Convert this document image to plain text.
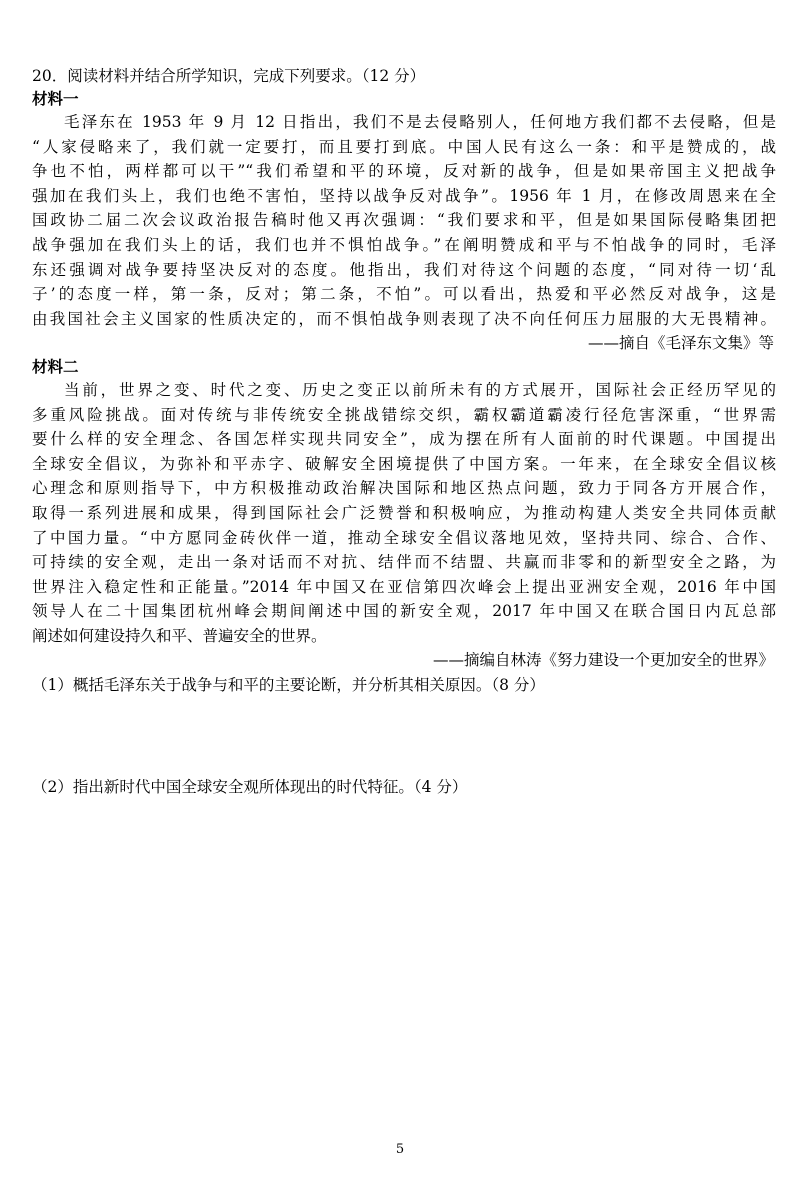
20．阅读材料并结合所学知识，完成下列要求。（12 分）

材料一

毛泽东在 1953 年 9 月 12 日指出，我们不是去侵略别人，任何地方我们都不去侵略，但是
“人家侵略来了，我们就一定要打，而且要打到底。中国人民有这么一条：和平是赞成的，战
争也不怕，两样都可以干”“我们希望和平的环境，反对新的战争，但是如果帝国主义把战争
强加在我们头上，我们也绝不害怕，坚持以战争反对战争”。1956 年 1 月，在修改周恩来在全
国政协二届二次会议政治报告稿时他又再次强调：“我们要求和平，但是如果国际侵略集团把
战争强加在我们头上的话，我们也并不惧怕战争。”在阐明赞成和平与不怕战争的同时，毛泽
东还强调对战争要持坚决反对的态度。他指出，我们对待这个问题的态度，“同对待一切‘乱
子’的态度一样，第一条，反对；第二条，不怕”。可以看出，热爱和平必然反对战争，这是
由我国社会主义国家的性质决定的，而不惧怕战争则表现了决不向任何压力屈服的大无畏精神。
——摘自《毛泽东文集》等

材料二

当前，世界之变、时代之变、历史之变正以前所未有的方式展开，国际社会正经历罕见的
多重风险挑战。面对传统与非传统安全挑战错综交织，霸权霸道霸凌行径危害深重，“世界需
要什么样的安全理念、各国怎样实现共同安全”，成为摆在所有人面前的时代课题。中国提出
全球安全倡议，为弥补和平赤字、破解安全困境提供了中国方案。一年来，在全球安全倡议核
心理念和原则指导下，中方积极推动政治解决国际和地区热点问题，致力于同各方开展合作，
取得一系列进展和成果，得到国际社会广泛赞誉和积极响应，为推动构建人类安全共同体贡献
了中国力量。“中方愿同金砖伙伴一道，推动全球安全倡议落地见效，坚持共同、综合、合作、
可持续的安全观，走出一条对话而不对抗、结伴而不结盟、共赢而非零和的新型安全之路，为
世界注入稳定性和正能量。”2014 年中国又在亚信第四次峰会上提出亚洲安全观，2016 年中国
领导人在二十国集团杭州峰会期间阐述中国的新安全观，2017 年中国又在联合国日内瓦总部
阐述如何建设持久和平、普遍安全的世界。
——摘编自林涛《努力建设一个更加安全的世界》

（1）概括毛泽东关于战争与和平的主要论断，并分析其相关原因。（8 分）

（2）指出新时代中国全球安全观所体现出的时代特征。（4 分）

5
